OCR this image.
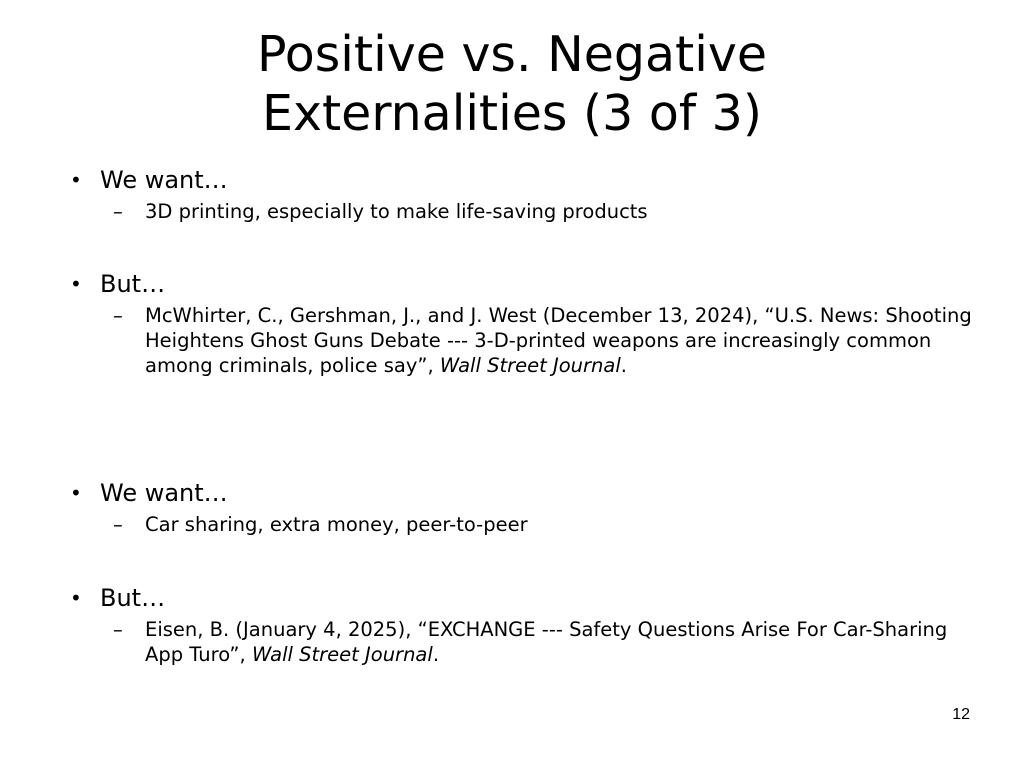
Positive vs. Negative
Externalities (3 of 3)
• We want…
– 3D printing, especially to make life-saving products
• But…
– McWhirter, C., Gershman, J., and J. West (December 13, 2024), “U.S. News: Shooting Heightens Ghost Guns Debate --- 3-D-printed weapons are increasingly common among criminals, police say”, Wall Street Journal.
• We want…
– Car sharing, extra money, peer-to-peer
• But…
– Eisen, B. (January 4, 2025), “EXCHANGE --- Safety Questions Arise For Car-Sharing App Turo”, Wall Street Journal.
12
